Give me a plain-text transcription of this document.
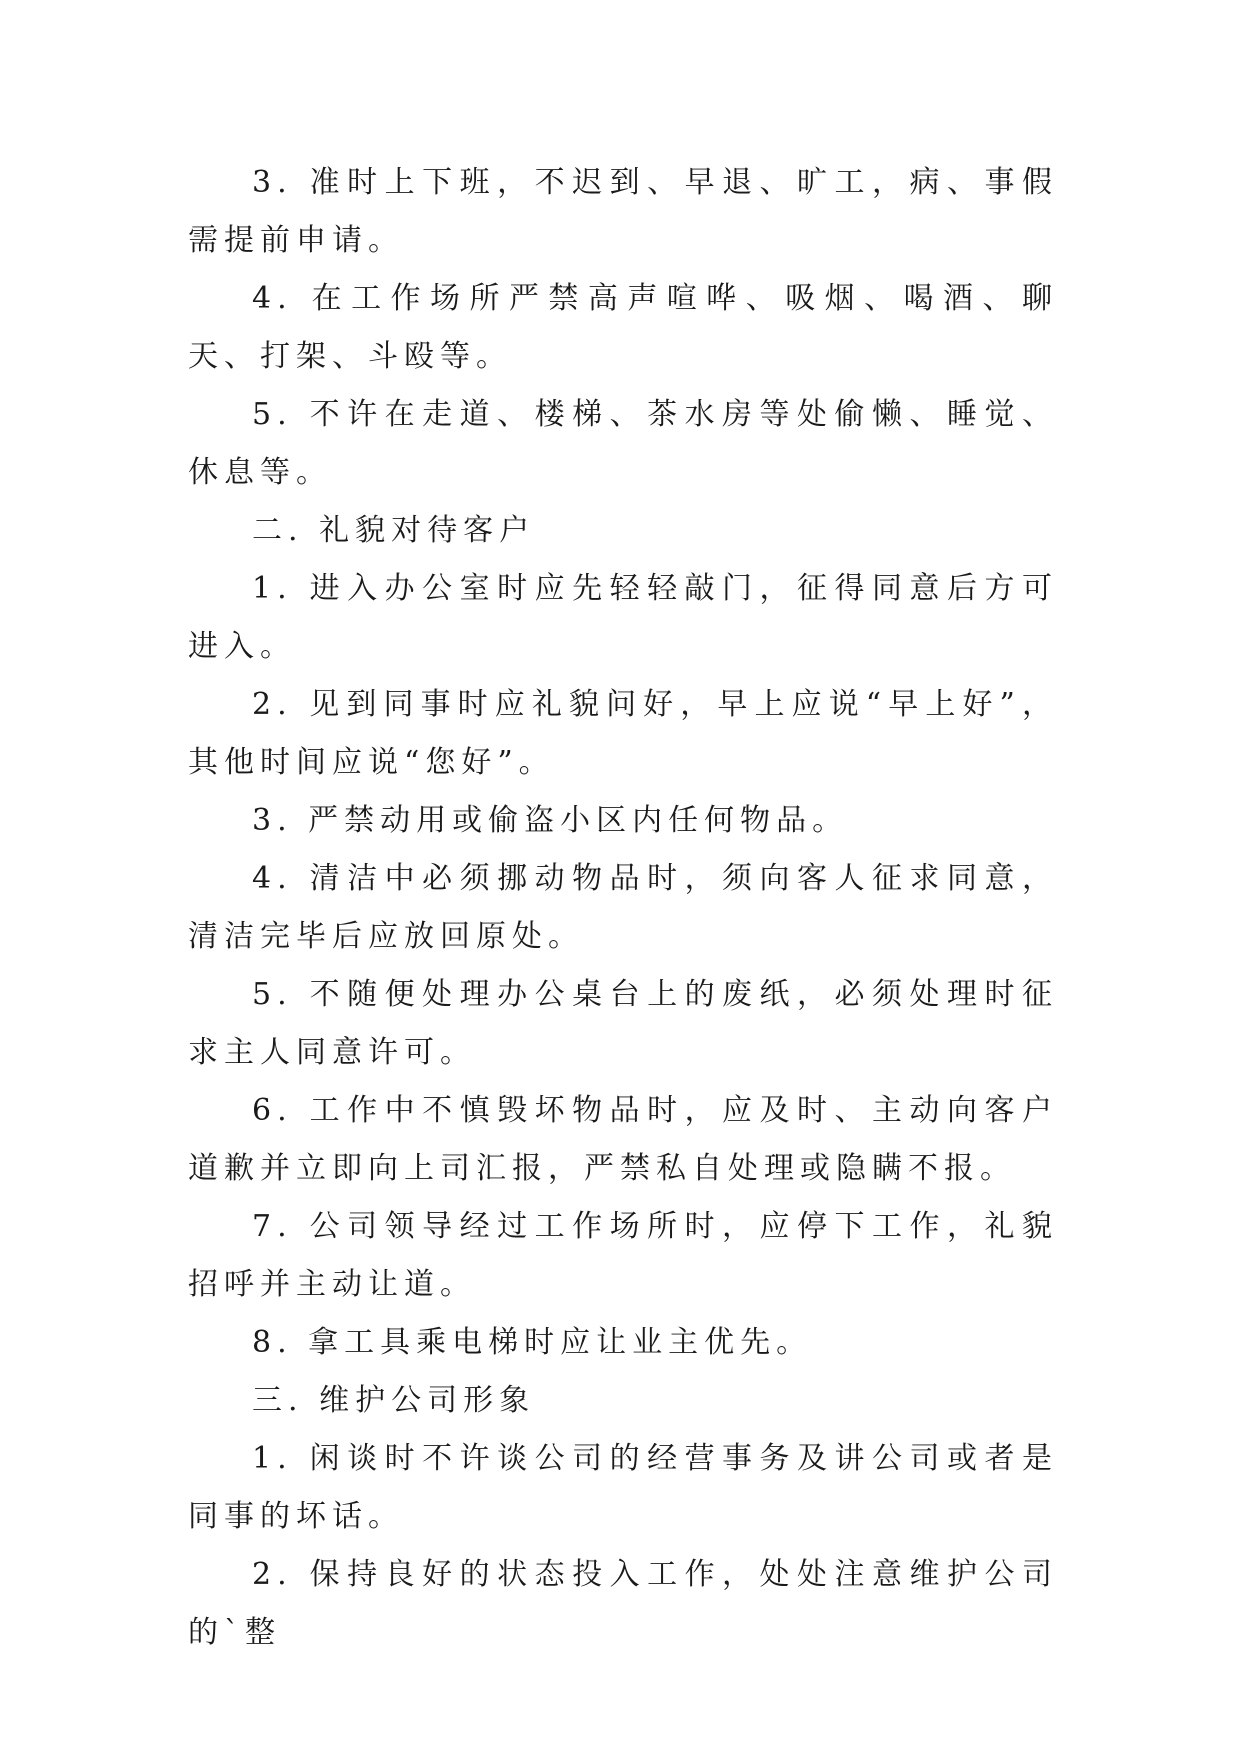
3. 准时上下班，不迟到、早退、旷工，病、事假需提前申请。

4. 在工作场所严禁高声喧哗、吸烟、喝酒、聊天、打架、斗殴等。

5. 不许在走道、楼梯、茶水房等处偷懒、睡觉、休息等。

二. 礼貌对待客户

1. 进入办公室时应先轻轻敲门，征得同意后方可进入。

2. 见到同事时应礼貌问好，早上应说“早上好”，其他时间应说“您好”。

3. 严禁动用或偷盗小区内任何物品。

4. 清洁中必须挪动物品时，须向客人征求同意，清洁完毕后应放回原处。

5. 不随便处理办公桌台上的废纸，必须处理时征求主人同意许可。

6. 工作中不慎毁坏物品时，应及时、主动向客户道歉并立即向上司汇报，严禁私自处理或隐瞒不报。

7. 公司领导经过工作场所时，应停下工作，礼貌招呼并主动让道。

8. 拿工具乘电梯时应让业主优先。

三. 维护公司形象

1. 闲谈时不许谈公司的经营事务及讲公司或者是同事的坏话。

2. 保持良好的状态投入工作，处处注意维护公司的`整
